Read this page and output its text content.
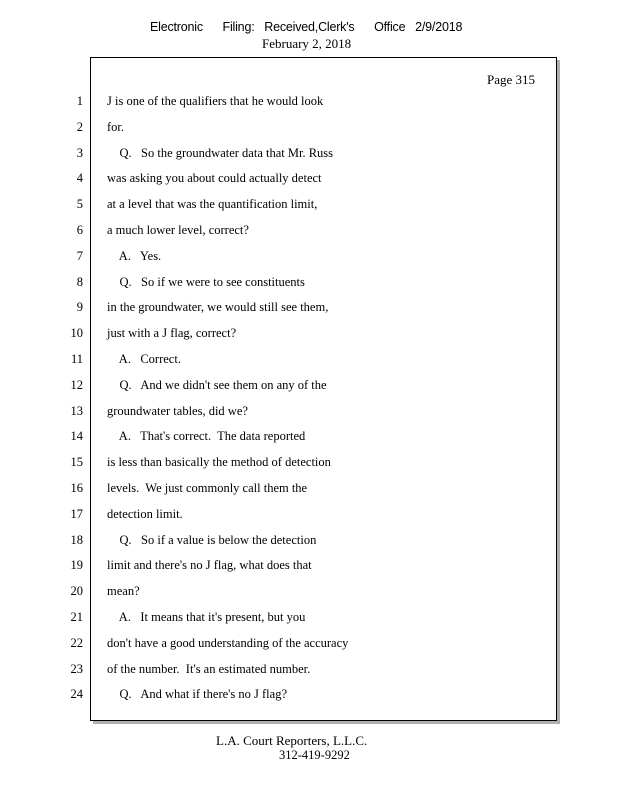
Electronic      Filing:   Received,Clerk's      Office   2/9/2018
February 2, 2018
Page 315
1 J is one of the qualifiers that he would look
2 for.
3 Q.   So the groundwater data that Mr. Russ
4 was asking you about could actually detect
5 at a level that was the quantification limit,
6 a much lower level, correct?
7 A.   Yes.
8 Q.   So if we were to see constituents
9 in the groundwater, we would still see them,
10 just with a J flag, correct?
11 A.   Correct.
12 Q.   And we didn't see them on any of the
13 groundwater tables, did we?
14 A.   That's correct.  The data reported
15 is less than basically the method of detection
16 levels.  We just commonly call them the
17 detection limit.
18 Q.   So if a value is below the detection
19 limit and there's no J flag, what does that
20 mean?
21 A.   It means that it's present, but you
22 don't have a good understanding of the accuracy
23 of the number.  It's an estimated number.
24 Q.   And what if there's no J flag?
L.A. Court Reporters, L.L.C.
312-419-9292
